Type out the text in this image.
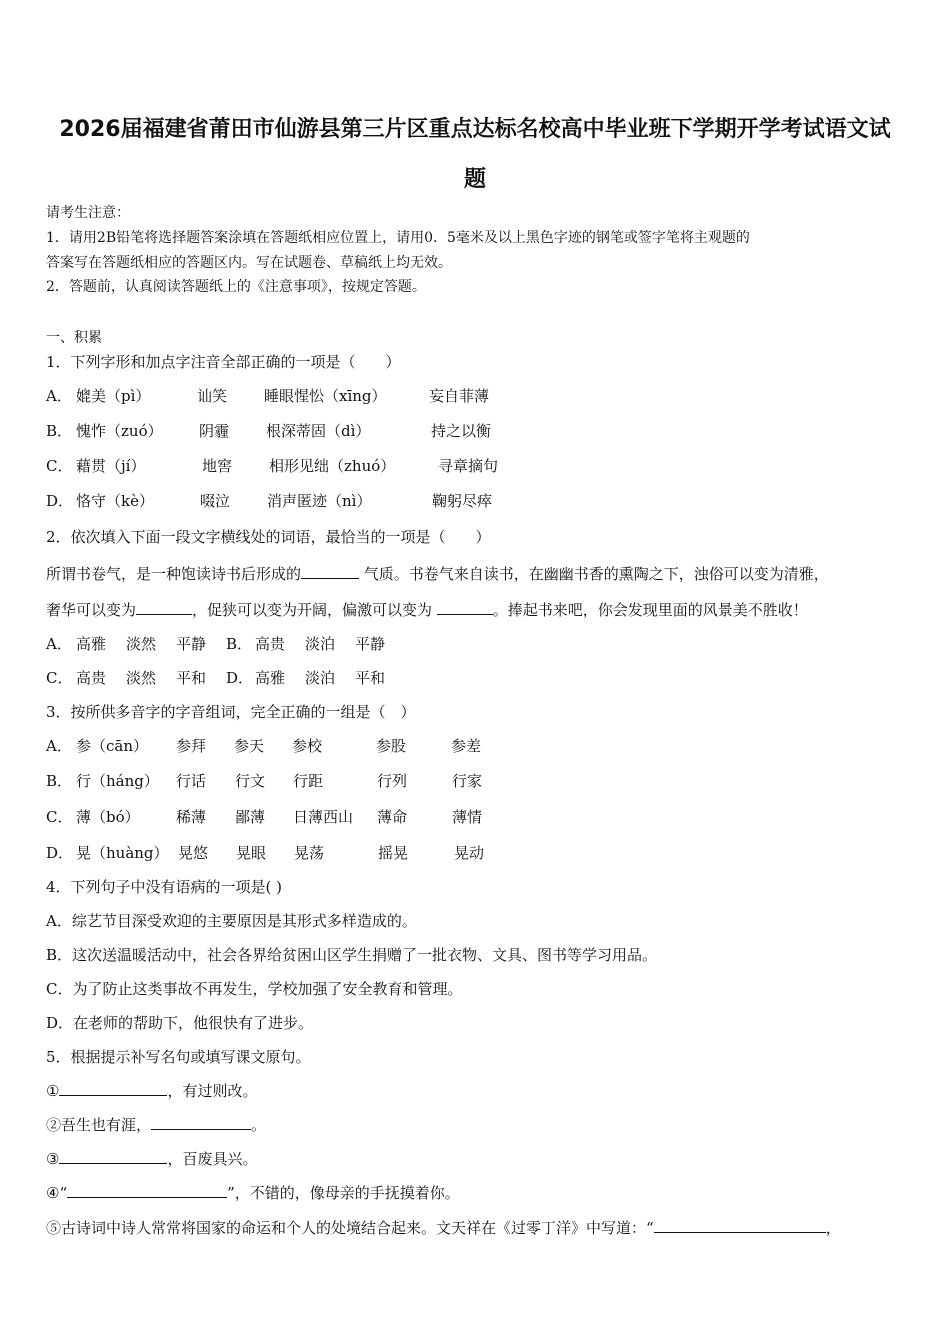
2026届福建省莆田市仙游县第三片区重点达标名校高中毕业班下学期开学考试语文试
题
请考生注意：
1．请用2B铅笔将选择题答案涂填在答题纸相应位置上，请用0．5毫米及以上黑色字迹的钢笔或签字笔将主观题的
答案写在答题纸相应的答题区内。写在试题卷、草稿纸上均无效。
2．答题前，认真阅读答题纸上的《注意事项》，按规定答题。
一、积累
1．下列字形和加点字注音全部正确的一项是（　　）
A． 媲美（pì）	讪笑 睡眼惺忪（xīng）	妄自菲薄
B． 愧怍（zuó） 阴霾 根深蒂固（dì）	持之以衡
C． 藉贯（jí）	地窖 相形见绌（zhuó）	寻章摘句
D． 恪守（kè）	啜泣 消声匿迹（nì）	鞠躬尽瘁
2．依次填入下面一段文字横线处的词语，最恰当的一项是（　　）
所谓书卷气，是一种饱读诗书后形成的	气质。书卷气来自读书，在幽幽书香的熏陶之下，浊俗可以变为清雅，
奢华可以变为	，促狭可以变为开阔，偏激可以变为	。捧起书来吧，你会发现里面的风景美不胜收！
A． 高雅 淡然 平静 B． 高贵 淡泊 平静
C． 高贵 淡然 平和 D． 高雅 淡泊 平和
3．按所供多音字的字音组词，完全正确的一组是（　）
A． 参（cān） 参拜 参天 参校	参股	参差
B． 行（háng） 行话 行文 行距	行列	行家
C． 薄（bó） 稀薄 鄙薄 日薄西山 薄命	薄情
D． 晃（huàng） 晃悠 晃眼 晃荡	摇晃	晃动
4．下列句子中没有语病的一项是( )
A．综艺节目深受欢迎的主要原因是其形式多样造成的。
B．这次送温暖活动中，社会各界给贫困山区学生捐赠了一批衣物、文具、图书等学习用品。
C．为了防止这类事故不再发生，学校加强了安全教育和管理。
D．在老师的帮助下，他很快有了进步。
5．根据提示补写名句或填写课文原句。
①	，有过则改。
②吾生也有涯，	。
③	，百废具兴。
④“	”，不错的，像母亲的手抚摸着你。
⑤古诗词中诗人常常将国家的命运和个人的处境结合起来。文天祥在《过零丁洋》中写道：“	，
